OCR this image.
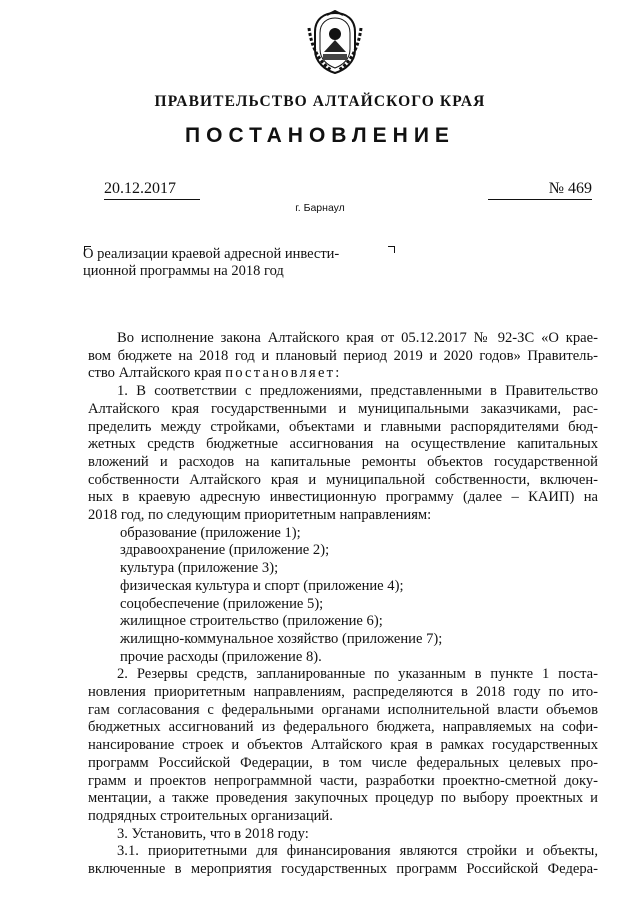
ПРАВИТЕЛЬСТВО АЛТАЙСКОГО КРАЯ
ПОСТАНОВЛЕНИЕ
20.12.2017	№ 469
г. Барнаул
О реализации краевой адресной инвести-
ционной программы на 2018 год
Во исполнение закона Алтайского края от 05.12.2017 № 92-ЗС «О крае-
вом бюджете на 2018 год и плановый период 2019 и 2020 годов» Правитель-
ство Алтайского края постановляет:
1. В соответствии с предложениями, представленными в Правительство
Алтайского края государственными и муниципальными заказчиками, рас-
пределить между стройками, объектами и главными распорядителями бюд-
жетных средств бюджетные ассигнования на осуществление капитальных
вложений и расходов на капитальные ремонты объектов государственной
собственности Алтайского края и муниципальной собственности, включен-
ных в краевую адресную инвестиционную программу (далее – КАИП) на
2018 год, по следующим приоритетным направлениям:
образование (приложение 1);
здравоохранение (приложение 2);
культура (приложение 3);
физическая культура и спорт (приложение 4);
соцобеспечение (приложение 5);
жилищное строительство (приложение 6);
жилищно-коммунальное хозяйство (приложение 7);
прочие расходы (приложение 8).
2. Резервы средств, запланированные по указанным в пункте 1 поста-
новления приоритетным направлениям, распределяются в 2018 году по ито-
гам согласования с федеральными органами исполнительной власти объемов
бюджетных ассигнований из федерального бюджета, направляемых на софи-
нансирование строек и объектов Алтайского края в рамках государственных
программ Российской Федерации, в том числе федеральных целевых про-
грамм и проектов непрограммной части, разработки проектно-сметной доку-
ментации, а также проведения закупочных процедур по выбору проектных и
подрядных строительных организаций.
3. Установить, что в 2018 году:
3.1. приоритетными для финансирования являются стройки и объекты,
включенные в мероприятия государственных программ Российской Федера-
